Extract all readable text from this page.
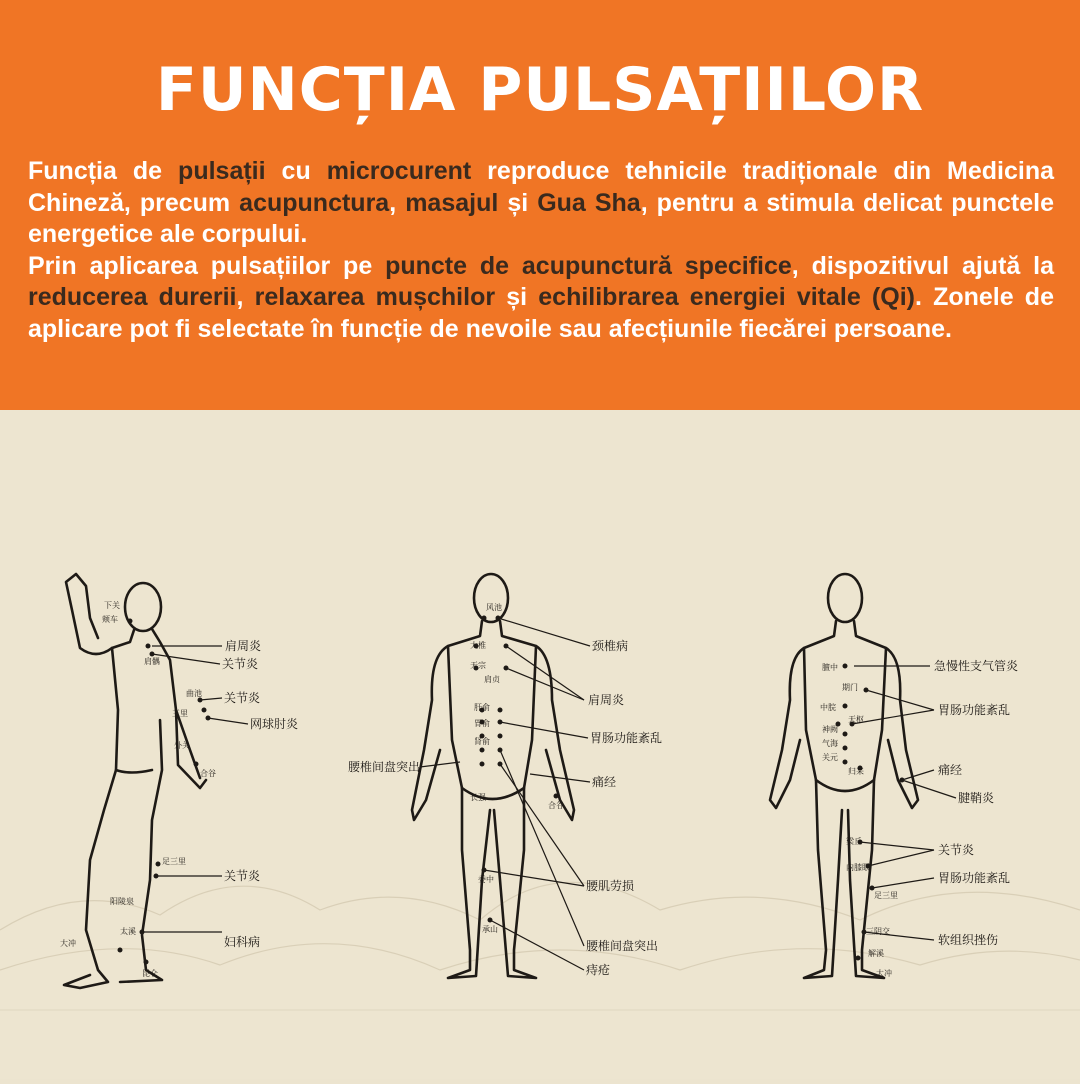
FUNCȚIA PULSAȚIILOR

Funcția de pulsații cu microcurent reproduce tehnicile tradiționale din Medicina Chineză, precum acupunctura, masajul și Gua Sha, pentru a stimula delicat punctele energetice ale corpului.

Prin aplicarea pulsațiilor pe puncte de acupunctură specifice, dispozitivul ajută la reducerea durerii, relaxarea mușchilor și echilibrarea energiei vitale (Qi). Zonele de aplicare pot fi selectate în funcție de nevoile sau afecțiunile fiecărei persoane.

肩周炎
关节炎
关节炎
网球肘炎
关节炎
妇科病
下关
颊车
肩髃
曲池
三里
外关
合谷
足三里
阳陵泉
太溪
大冲
昆仑
颈椎病
肩周炎
胃肠功能紊乱
痛经
腰肌劳损
痔疮
腰椎间盘突出
腰椎间盘突出
风池
大椎
天宗
肩贞
肝俞
胃俞
肾俞
委中
承山
合谷
长强
急慢性支气管炎
胃肠功能紊乱
痛经
腱鞘炎
关节炎
胃肠功能紊乱
软组织挫伤
膻中
期门
中脘
天枢
神阙
气海
关元
归来
梁丘
内膝眼
足三里
三阴交
解溪
太冲
